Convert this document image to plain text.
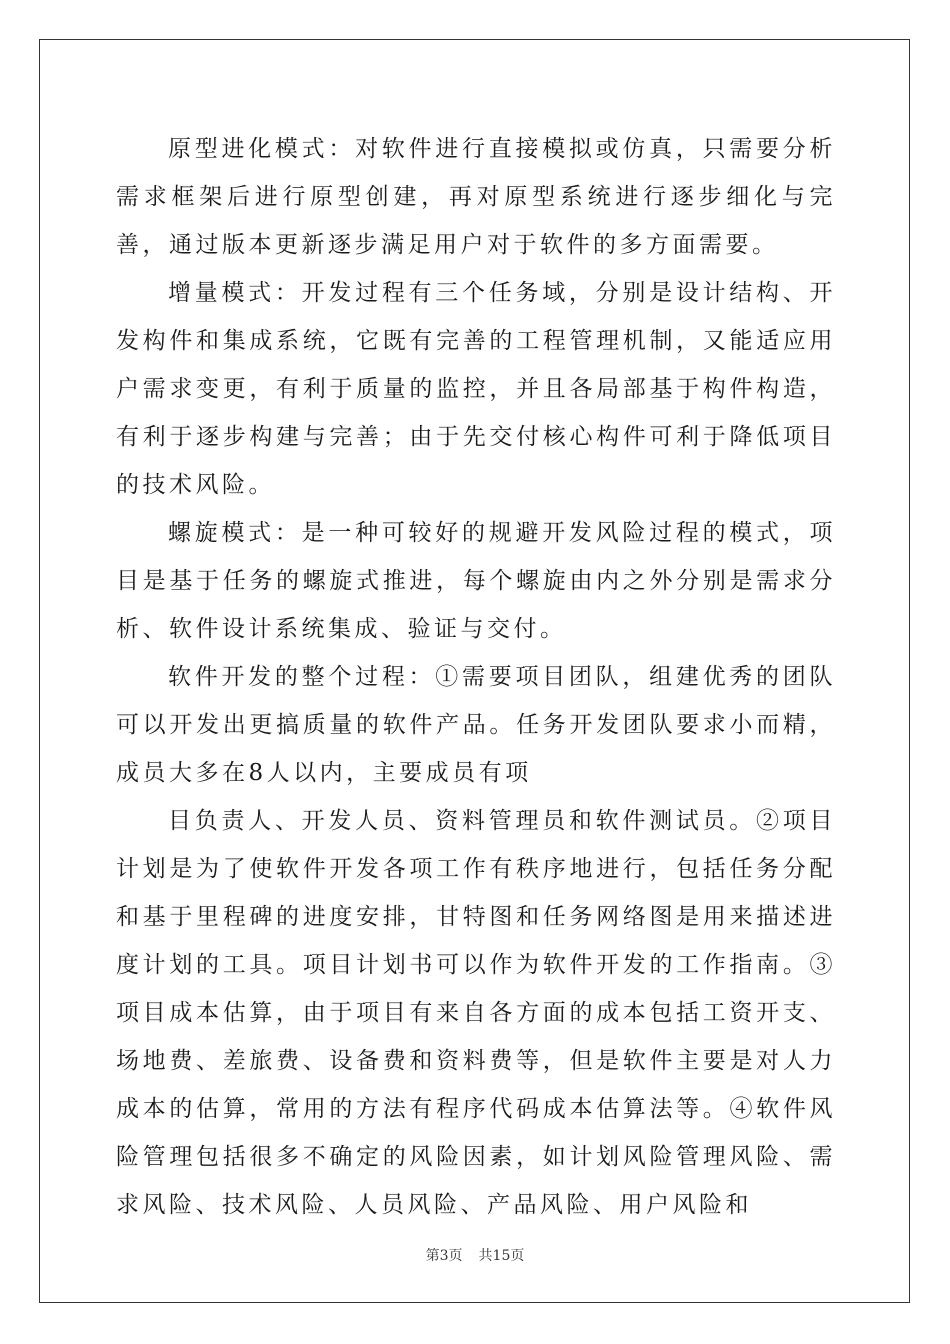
原型进化模式：对软件进行直接模拟或仿真，只需要分析需求框架后进行原型创建，再对原型系统进行逐步细化与完善，通过版本更新逐步满足用户对于软件的多方面需要。

增量模式：开发过程有三个任务域，分别是设计结构、开发构件和集成系统，它既有完善的工程管理机制，又能适应用户需求变更，有利于质量的监控，并且各局部基于构件构造，有利于逐步构建与完善；由于先交付核心构件可利于降低项目的技术风险。

螺旋模式：是一种可较好的规避开发风险过程的模式，项目是基于任务的螺旋式推进，每个螺旋由内之外分别是需求分析、软件设计系统集成、验证与交付。

软件开发的整个过程：①需要项目团队，组建优秀的团队可以开发出更搞质量的软件产品。任务开发团队要求小而精，成员大多在8人以内，主要成员有项

目负责人、开发人员、资料管理员和软件测试员。②项目计划是为了使软件开发各项工作有秩序地进行，包括任务分配和基于里程碑的进度安排，甘特图和任务网络图是用来描述进度计划的工具。项目计划书可以作为软件开发的工作指南。③项目成本估算，由于项目有来自各方面的成本包括工资开支、场地费、差旅费、设备费和资料费等，但是软件主要是对人力成本的估算，常用的方法有程序代码成本估算法等。④软件风险管理包括很多不确定的风险因素，如计划风险管理风险、需求风险、技术风险、人员风险、产品风险、用户风险和

第3页 共15页
